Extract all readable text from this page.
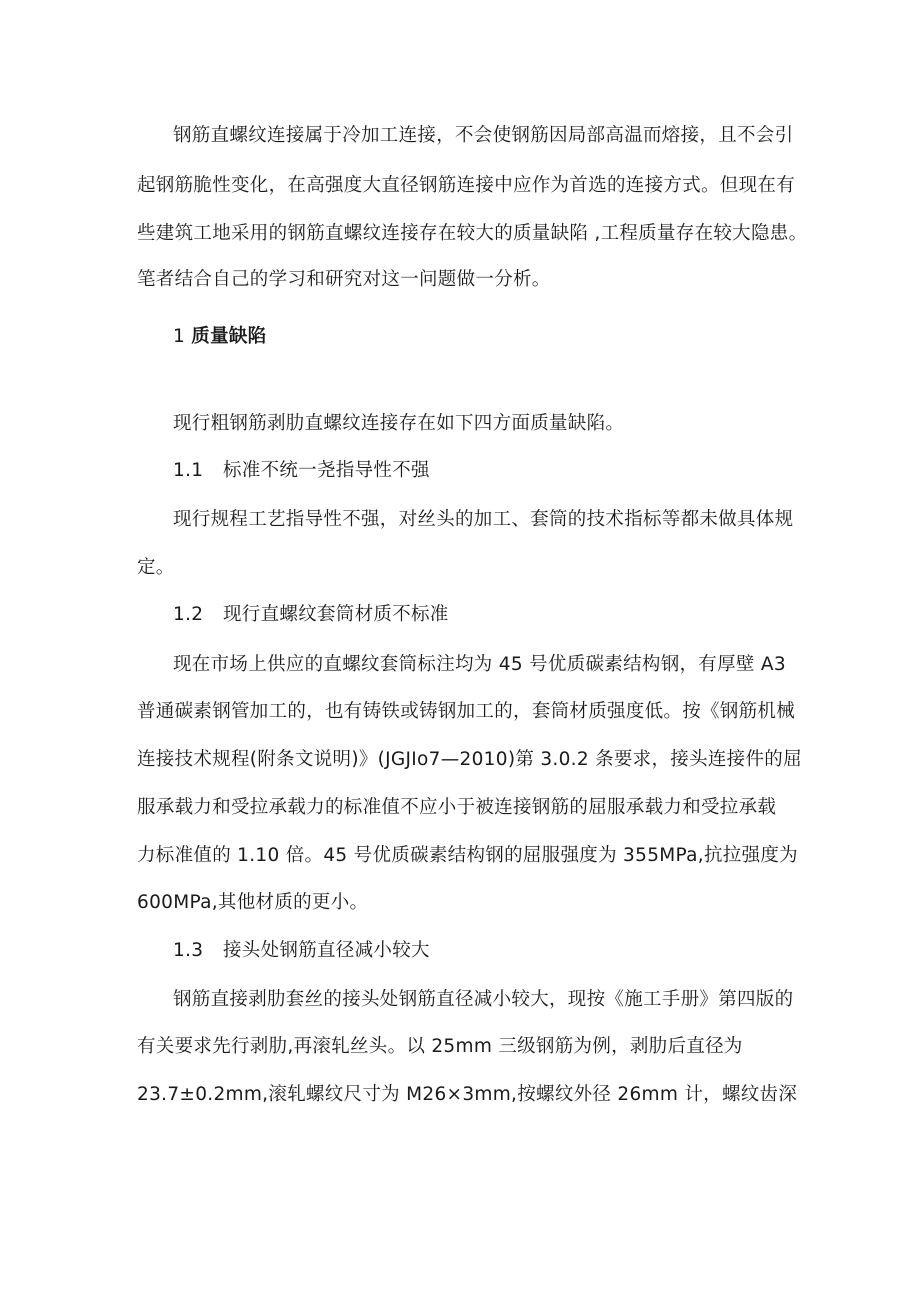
钢筋直螺纹连接属于冷加工连接，不会使钢筋因局部高温而熔接，且不会引
起钢筋脆性变化，在高强度大直径钢筋连接中应作为首选的连接方式。但现在有
些建筑工地采用的钢筋直螺纹连接存在较大的质量缺陷 ,工程质量存在较大隐患。
笔者结合自己的学习和研究对这一问题做一分析。
1 质量缺陷
现行粗钢筋剥肋直螺纹连接存在如下四方面质量缺陷。
1.1 标准不统一尧指导性不强
现行规程工艺指导性不强，对丝头的加工、套筒的技术指标等都未做具体规
定。
1.2 现行直螺纹套筒材质不标准
现在市场上供应的直螺纹套筒标注均为 45 号优质碳素结构钢，有厚壁 A3
普通碳素钢管加工的，也有铸铁或铸钢加工的，套筒材质强度低。按《钢筋机械
连接技术规程(附条文说明)》(JGJIo7—2010)第 3.0.2 条要求，接头连接件的屈
服承载力和受拉承载力的标准值不应小于被连接钢筋的屈服承载力和受拉承载
力标准值的 1.10 倍。45 号优质碳素结构钢的屈服强度为 355MPa,抗拉强度为
600MPa,其他材质的更小。
1.3 接头处钢筋直径减小较大
钢筋直接剥肋套丝的接头处钢筋直径减小较大，现按《施工手册》第四版的
有关要求先行剥肋,再滚轧丝头。以 25mm 三级钢筋为例，剥肋后直径为
23.7±0.2mm,滚轧螺纹尺寸为 M26×3mm,按螺纹外径 26mm 计，螺纹齿深
